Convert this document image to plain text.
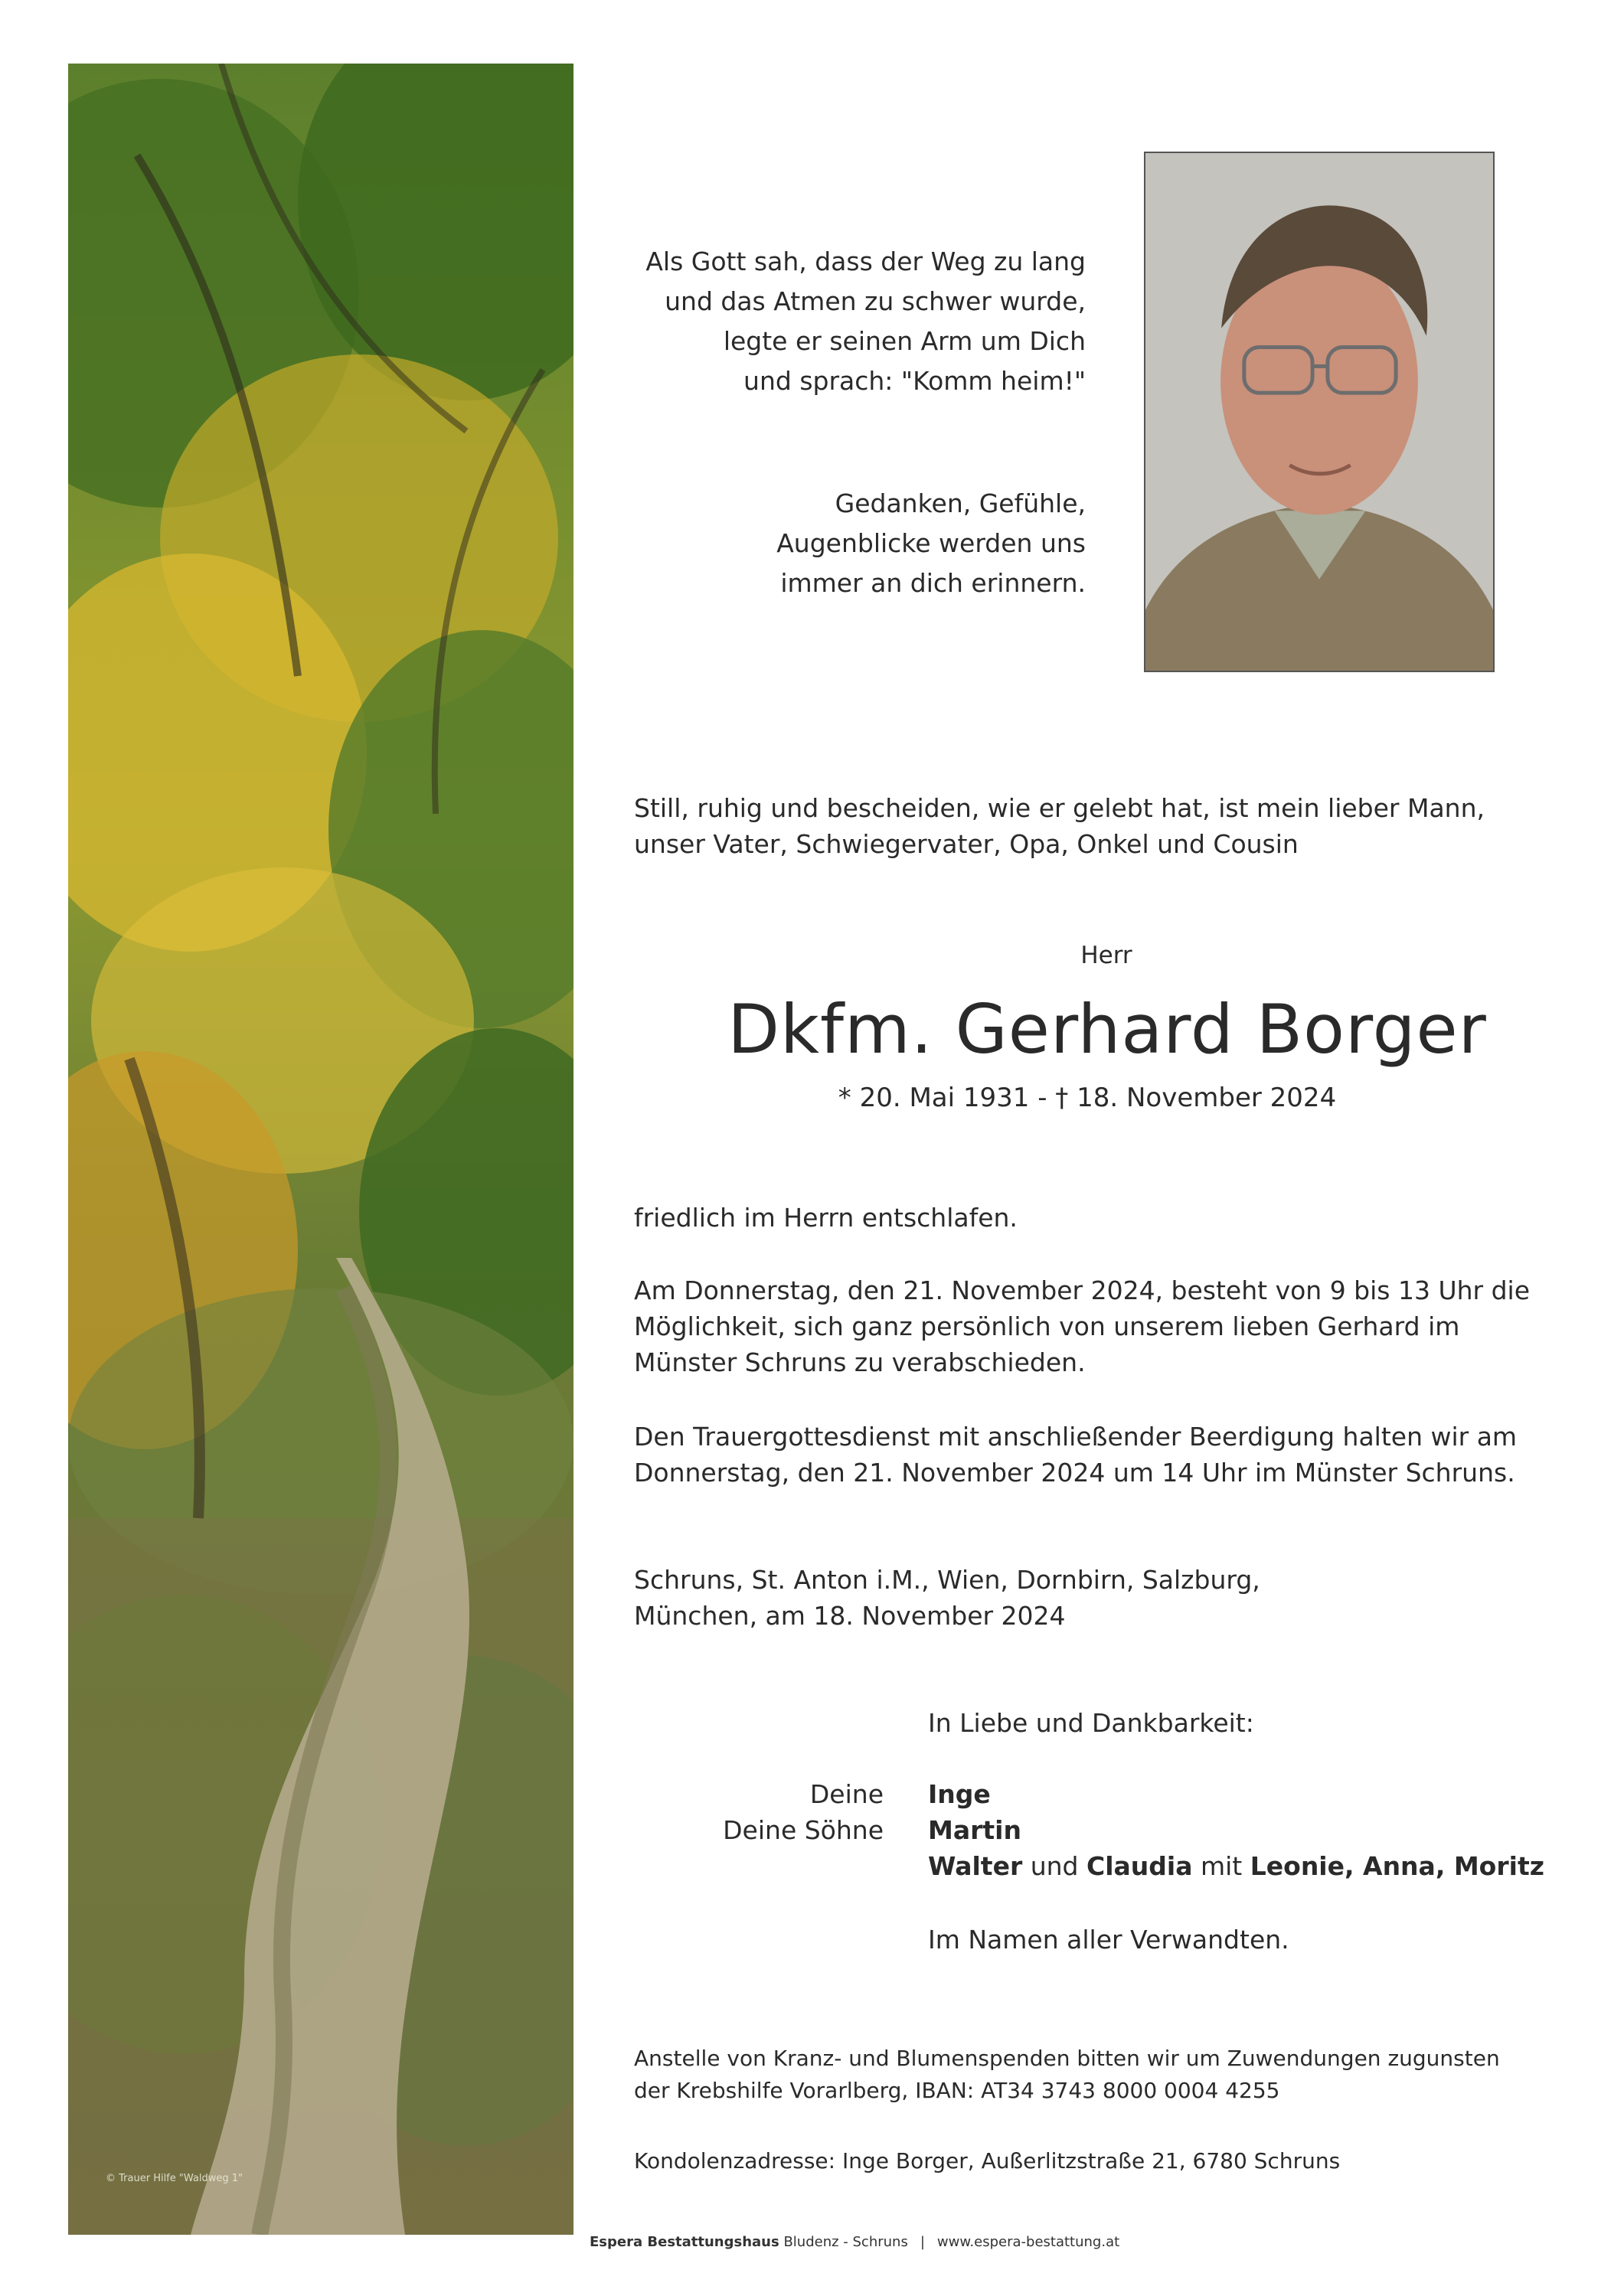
© Trauer Hilfe "Waldweg 1"

Als Gott sah, dass der Weg zu lang
und das Atmen zu schwer wurde,
legte er seinen Arm um Dich
und sprach: "Komm heim!"

Gedanken, Gefühle,
Augenblicke werden uns
immer an dich erinnern.

Still, ruhig und bescheiden, wie er gelebt hat, ist mein lieber Mann,
unser Vater, Schwiegervater, Opa, Onkel und Cousin

Herr
Dkfm. Gerhard Borger
* 20. Mai 1931 - † 18. November 2024
friedlich im Herrn entschlafen.

Am Donnerstag, den 21. November 2024, besteht von 9 bis 13 Uhr die
Möglichkeit, sich ganz persönlich von unserem lieben Gerhard im
Münster Schruns zu verabschieden.

Den Trauergottesdienst mit anschließender Beerdigung halten wir am
Donnerstag, den 21. November 2024 um 14 Uhr im Münster Schruns.

Schruns, St. Anton i.M., Wien, Dornbirn, Salzburg,
München, am 18. November 2024

In Liebe und Dankbarkeit:

Deine
Deine Söhne

Inge
Martin
Walter und Claudia mit Leonie, Anna, Moritz

Im Namen aller Verwandten.

Anstelle von Kranz- und Blumenspenden bitten wir um Zuwendungen zugunsten
der Krebshilfe Vorarlberg, IBAN: AT34 3743 8000 0004 4255

Kondolenzadresse: Inge Borger, Außerlitzstraße 21, 6780 Schruns
Espera Bestattungshaus Bludenz - Schruns | www.espera-bestattung.at
